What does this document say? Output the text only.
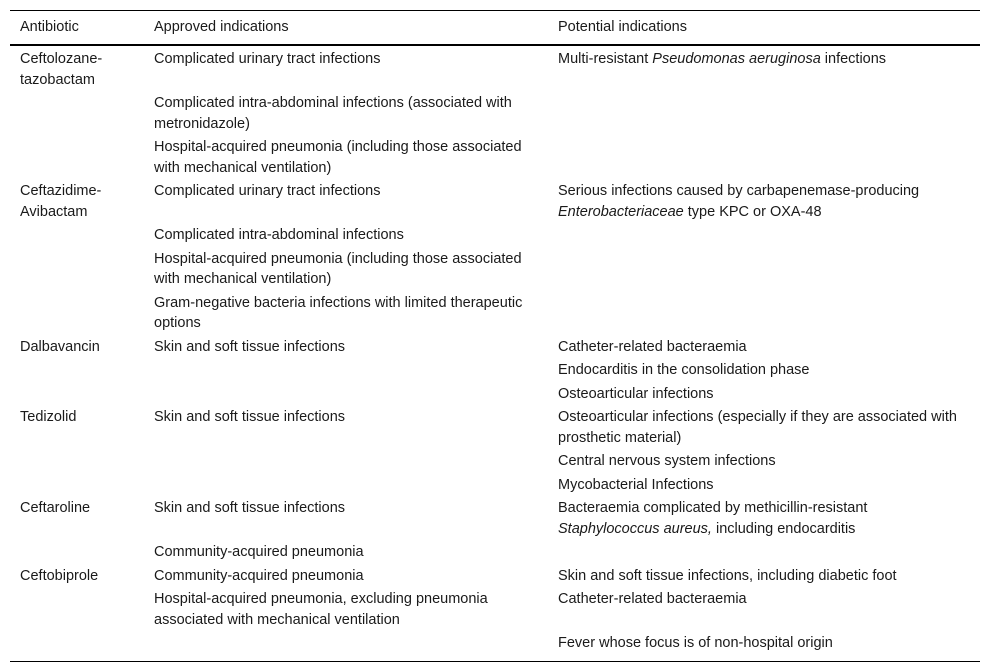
Antibiotic	Approved indications	Potential indications
Ceftolozane-tazobactam	Complicated urinary tract infections	Multi-resistant Pseudomonas aeruginosa infections
	Complicated intra-abdominal infections (associated with metronidazole)	
	Hospital-acquired pneumonia (including those associated with mechanical ventilation)	
Ceftazidime-Avibactam	Complicated urinary tract infections	Serious infections caused by carbapenemase-producing Enterobacteriaceae type KPC or OXA-48
	Complicated intra-abdominal infections	
	Hospital-acquired pneumonia (including those associated with mechanical ventilation)	
	Gram-negative bacteria infections with limited therapeutic options	
Dalbavancin	Skin and soft tissue infections	Catheter-related bacteraemia
		Endocarditis in the consolidation phase
		Osteoarticular infections
Tedizolid	Skin and soft tissue infections	Osteoarticular infections (especially if they are associated with prosthetic material)
		Central nervous system infections
		Mycobacterial Infections
Ceftaroline	Skin and soft tissue infections	Bacteraemia complicated by methicillin-resistant Staphylococcus aureus, including endocarditis
	Community-acquired pneumonia	
Ceftobiprole	Community-acquired pneumonia	Skin and soft tissue infections, including diabetic foot
	Hospital-acquired pneumonia, excluding pneumonia associated with mechanical ventilation	Catheter-related bacteraemia
		Fever whose focus is of non-hospital origin
